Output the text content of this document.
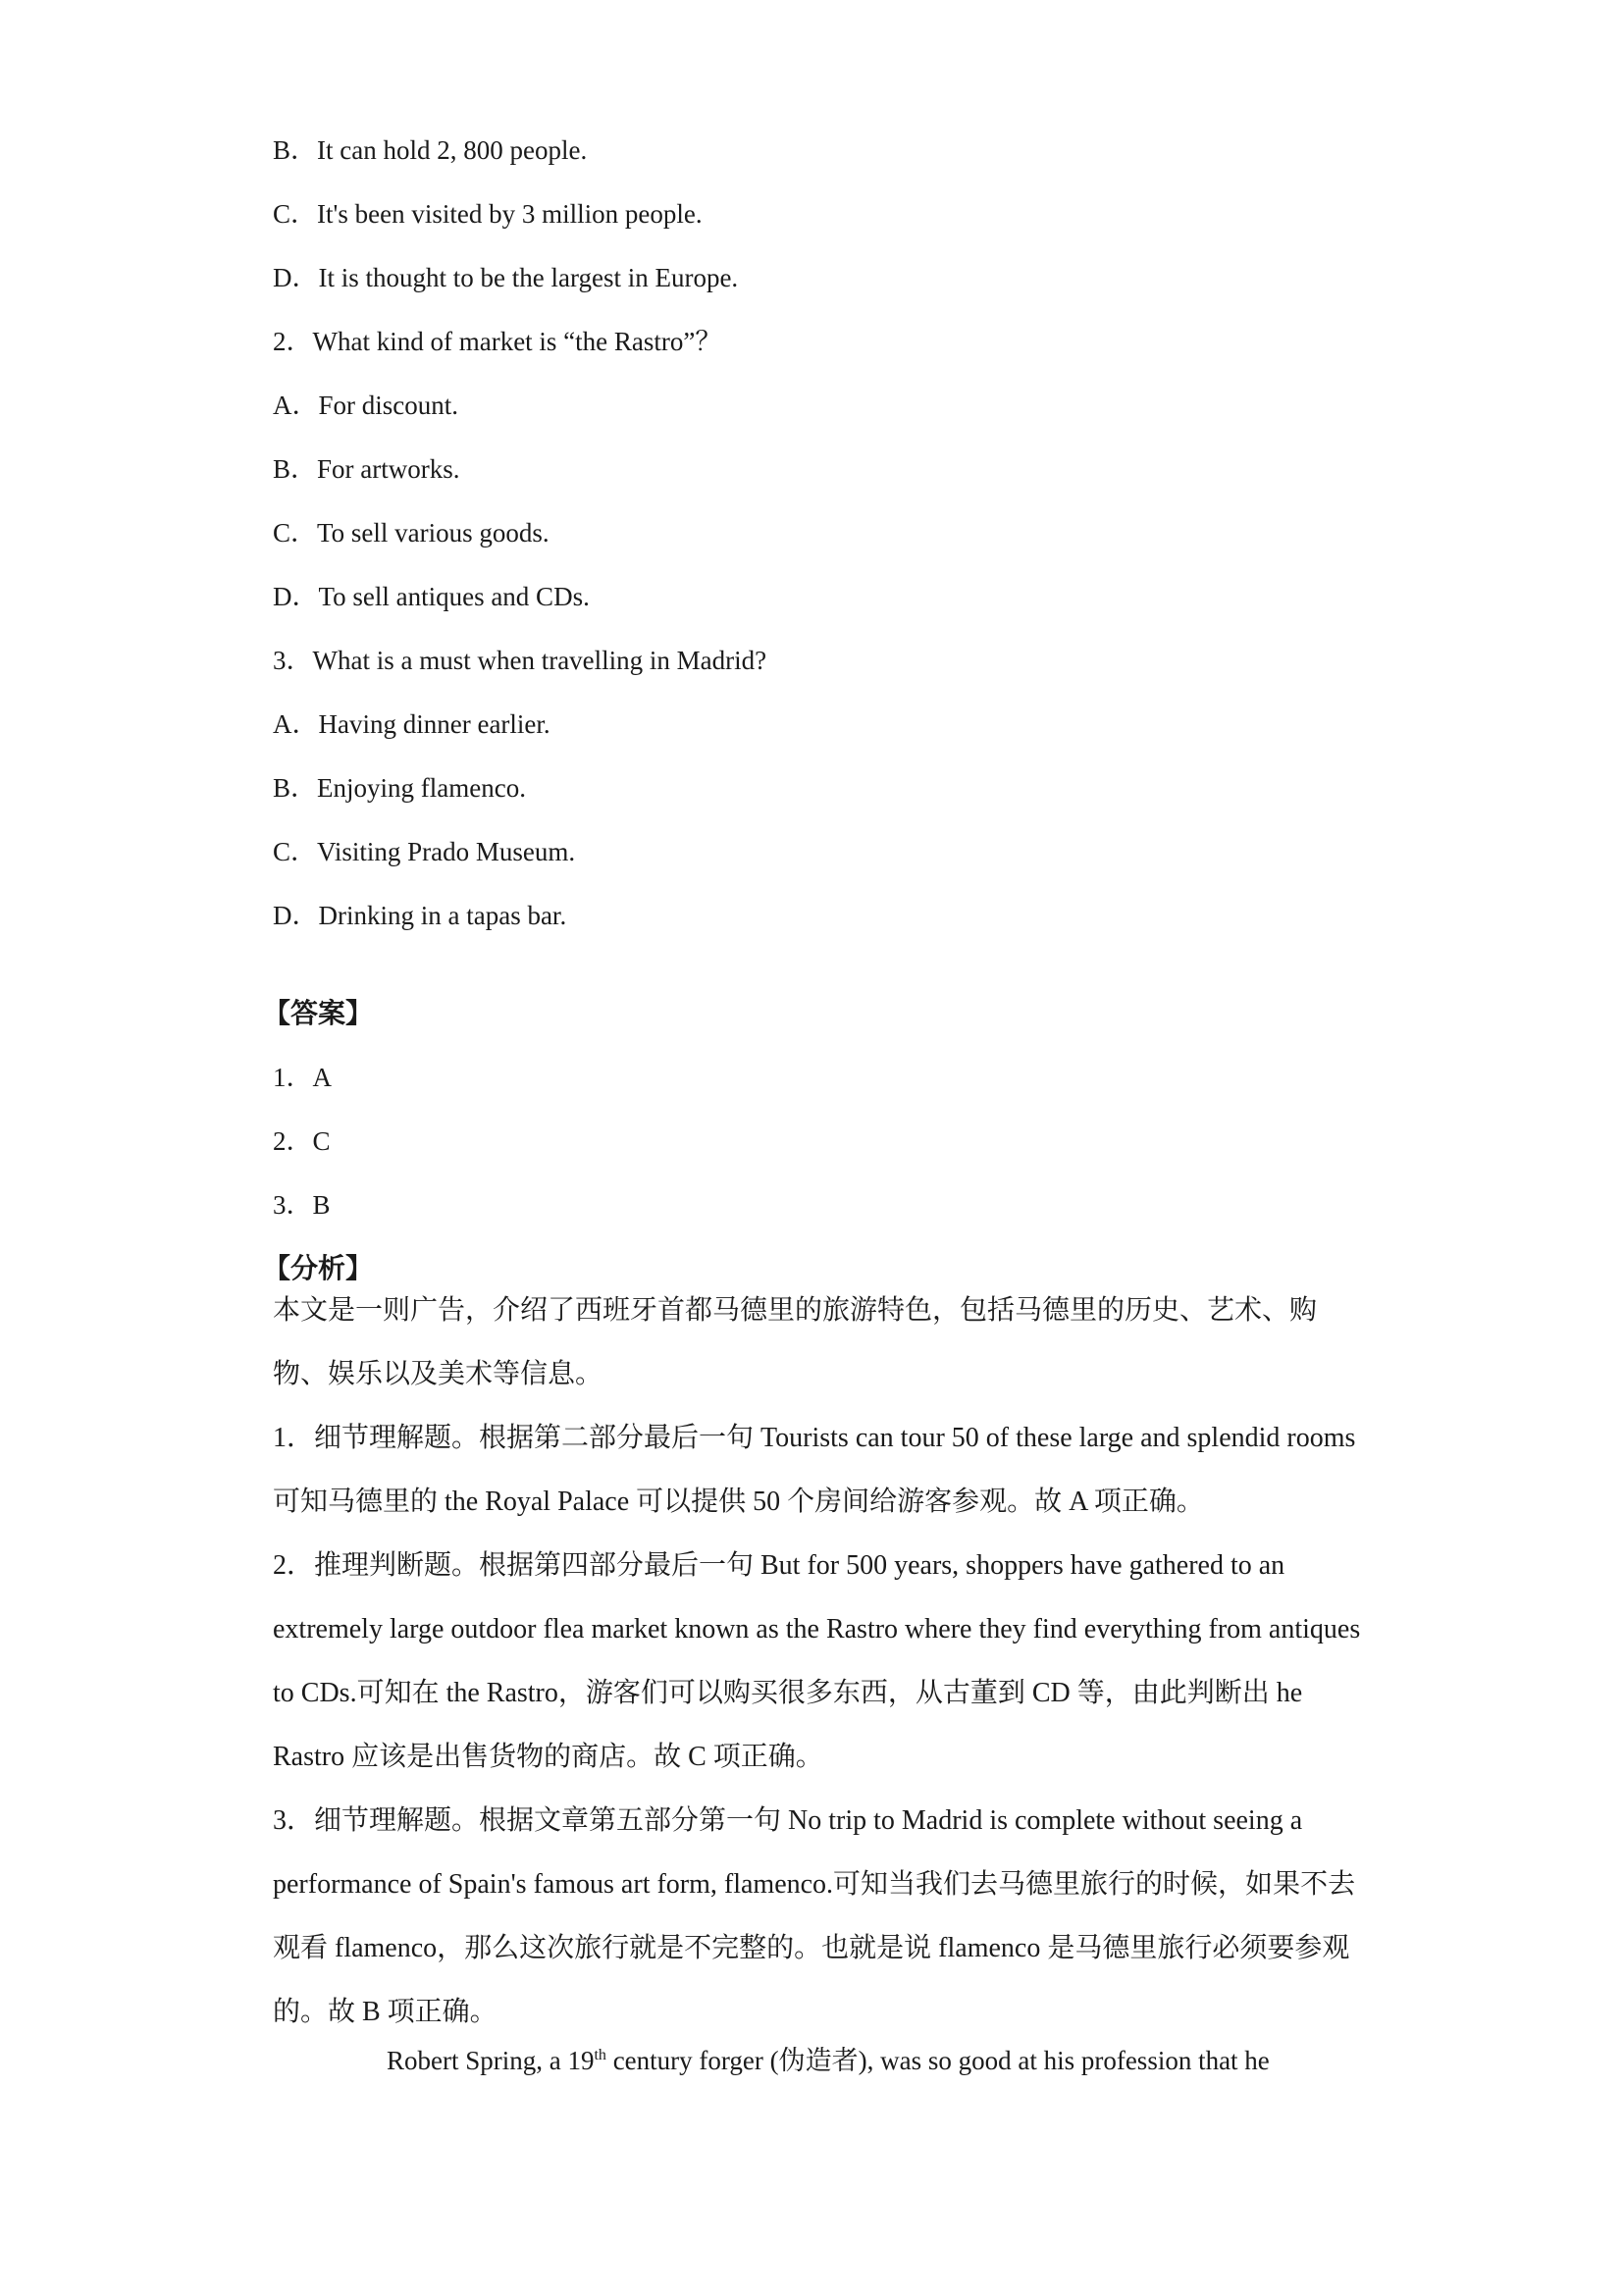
B．It can hold 2, 800 people.
C．It's been visited by 3 million people.
D．It is thought to be the largest in Europe.
2．What kind of market is “the Rastro”？
A．For discount.
B．For artworks.
C．To sell various goods.
D．To sell antiques and CDs.
3．What is a must when travelling in Madrid?
A．Having dinner earlier.
B．Enjoying flamenco.
C．Visiting Prado Museum.
D．Drinking in a tapas bar.
【答案】
1．A
2．C
3．B
【分析】

本文是一则广告，介绍了西班牙首都马德里的旅游特色，包括马德里的历史、艺术、购物、娱乐以及美术等信息。

1．细节理解题。根据第二部分最后一句 Tourists can tour 50 of these large and splendid rooms 可知马德里的 the Royal Palace 可以提供 50 个房间给游客参观。故 A 项正确。

2．推理判断题。根据第四部分最后一句 But for 500 years, shoppers have gathered to an extremely large outdoor flea market known as the Rastro where they find everything from antiques to CDs.可知在 the Rastro，游客们可以购买很多东西，从古董到 CD 等，由此判断出 he Rastro 应该是出售货物的商店。故 C 项正确。

3．细节理解题。根据文章第五部分第一句 No trip to Madrid is complete without seeing a performance of Spain's famous art form, flamenco.可知当我们去马德里旅行的时候，如果不去观看 flamenco，那么这次旅行就是不完整的。也就是说 flamenco 是马德里旅行必须要参观的。故 B 项正确。

Robert Spring, a 19th century forger (伪造者), was so good at his profession that he
